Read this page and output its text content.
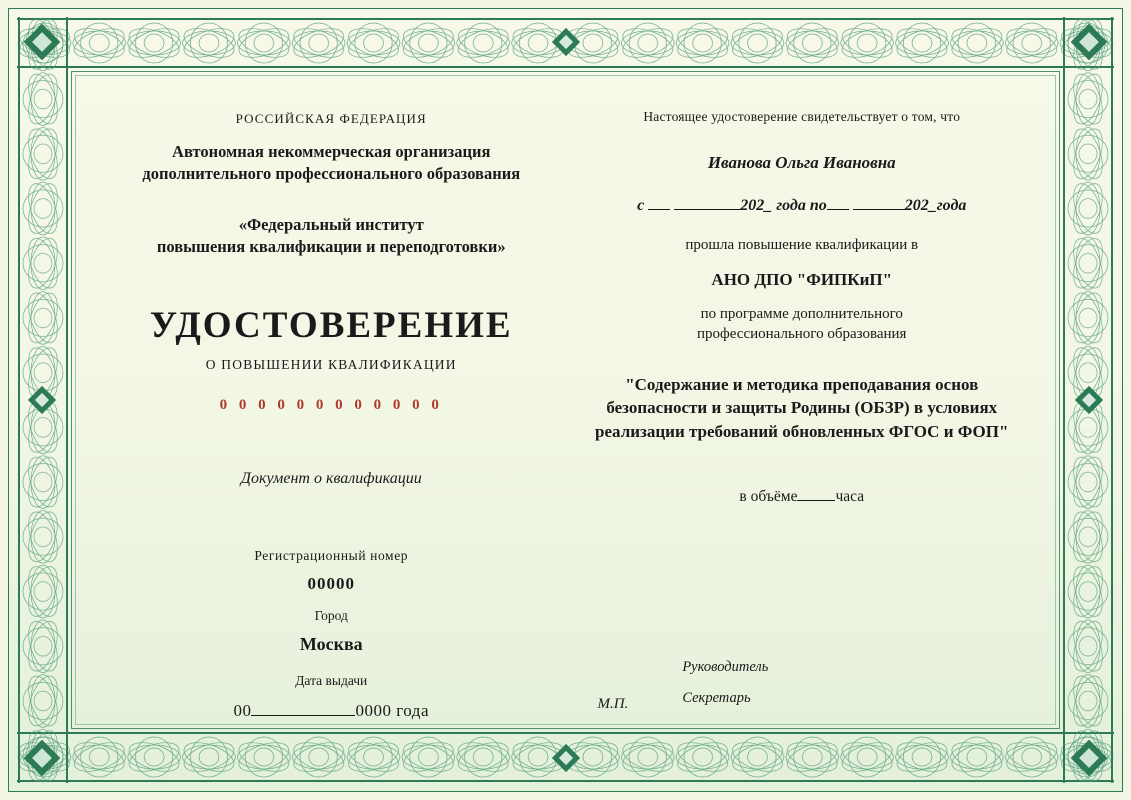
РОССИЙСКАЯ ФЕДЕРАЦИЯ
Автономная некоммерческая организация
дополнительного профессионального образования
«Федеральный институт
повышения квалификации и переподготовки»
УДОСТОВЕРЕНИЕ
О ПОВЫШЕНИИ КВАЛИФИКАЦИИ
0 0 0 0 0 0 0 0 0 0 0 0
Документ о квалификации
Регистрационный номер
00000
Город
Москва
Дата выдачи
00	0000 года
Настоящее удостоверение свидетельствует о том, что
Иванова Ольга Ивановна
с	202_ года по	202_года
прошла повышение квалификации в
АНО ДПО "ФИПКиП"
по программе дополнительного
профессионального образования
"Содержание и методика преподавания основ безопасности и защиты Родины (ОБЗР) в условиях реализации требований обновленных ФГОС и ФОП"
в объёме часа
М.П.
Руководитель
Секретарь
